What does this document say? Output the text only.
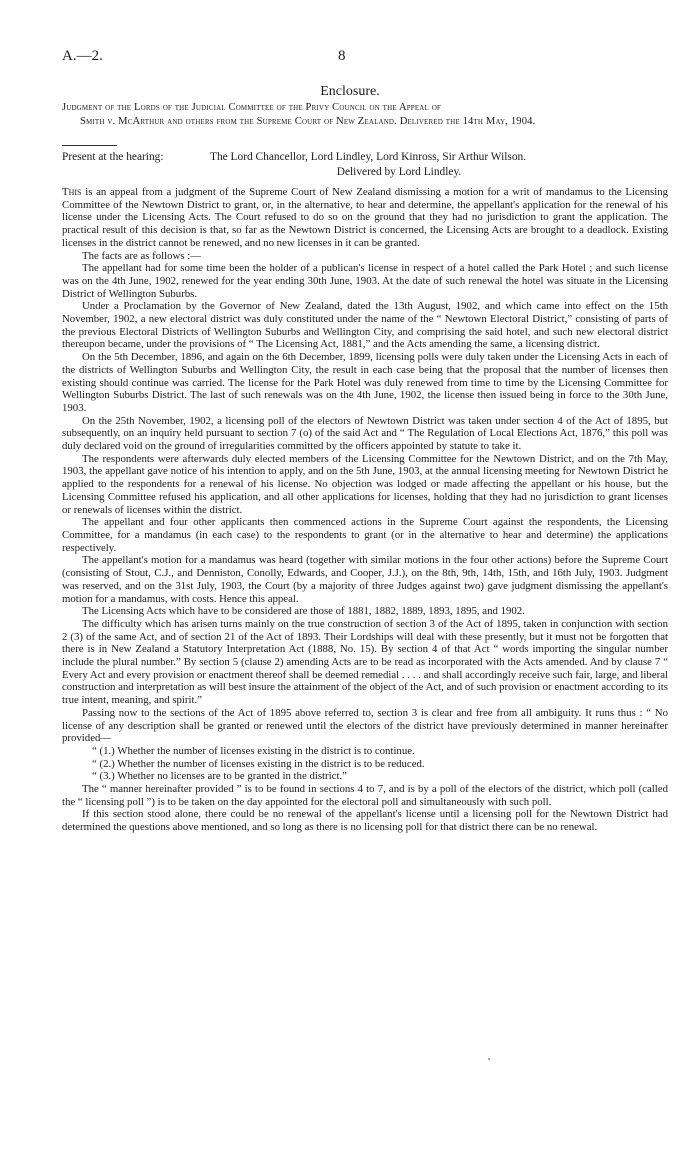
A.—2.	8
Enclosure.
Judgment of the Lords of the Judicial Committee of the Privy Council on the Appeal of
Smith v. McArthur and others from the Supreme Court of New Zealand. Delivered the 14th May, 1904.
Present at the hearing:	The Lord Chancellor, Lord Lindley, Lord Kinross, Sir Arthur Wilson.
Delivered by Lord Lindley.

This is an appeal from a judgment of the Supreme Court of New Zealand dismissing a motion for a writ of mandamus to the Licensing Committee of the Newtown District to grant, or, in the alternative, to hear and determine, the appellant's application for the renewal of his license under the Licensing Acts. The Court refused to do so on the ground that they had no jurisdiction to grant the application. The practical result of this decision is that, so far as the Newtown District is concerned, the Licensing Acts are brought to a deadlock. Existing licenses in the district cannot be renewed, and no new licenses in it can be granted.

The facts are as follows :—

The appellant had for some time been the holder of a publican's license in respect of a hotel called the Park Hotel ; and such license was on the 4th June, 1902, renewed for the year ending 30th June, 1903. At the date of such renewal the hotel was situate in the Licensing District of Wellington Suburbs.

Under a Proclamation by the Governor of New Zealand, dated the 13th August, 1902, and which came into effect on the 15th November, 1902, a new electoral district was duly constituted under the name of the “ Newtown Electoral District,” consisting of parts of the previous Electoral Districts of Wellington Suburbs and Wellington City, and comprising the said hotel, and such new electoral district thereupon became, under the provisions of “ The Licensing Act, 1881,” and the Acts amending the same, a licensing district.

On the 5th December, 1896, and again on the 6th December, 1899, licensing polls were duly taken under the Licensing Acts in each of the districts of Wellington Suburbs and Wellington City, the result in each case being that the proposal that the number of licenses then existing should continue was carried. The license for the Park Hotel was duly renewed from time to time by the Licensing Committee for Wellington Suburbs District. The last of such renewals was on the 4th June, 1902, the license then issued being in force to the 30th June, 1903.

On the 25th November, 1902, a licensing poll of the electors of Newtown District was taken under section 4 of the Act of 1895, but subsequently, on an inquiry held pursuant to section 7 (o) of the said Act and “ The Regulation of Local Elections Act, 1876,” this poll was duly declared void on the ground of irregularities committed by the officers appointed by statute to take it.

The respondents were afterwards duly elected members of the Licensing Committee for the Newtown District, and on the 7th May, 1903, the appellant gave notice of his intention to apply, and on the 5th June, 1903, at the annual licensing meeting for Newtown District he applied to the respondents for a renewal of his license. No objection was lodged or made affecting the appellant or his house, but the Licensing Committee refused his application, and all other applications for licenses, holding that they had no jurisdiction to grant licenses or renewals of licenses within the district.

The appellant and four other applicants then commenced actions in the Supreme Court against the respondents, the Licensing Committee, for a mandamus (in each case) to the respondents to grant (or in the alternative to hear and determine) the applications respectively.

The appellant's motion for a mandamus was heard (together with similar motions in the four other actions) before the Supreme Court (consisting of Stout, C.J., and Denniston, Conolly, Edwards, and Cooper, J.J.), on the 8th, 9th, 14th, 15th, and 16th July, 1903. Judgment was reserved, and on the 31st July, 1903, the Court (by a majority of three Judges against two) gave judgment dismissing the appellant's motion for a mandamus, with costs. Hence this appeal.

The Licensing Acts which have to be considered are those of 1881, 1882, 1889, 1893, 1895, and 1902.

The difficulty which has arisen turns mainly on the true construction of section 3 of the Act of 1895, taken in conjunction with section 2 (3) of the same Act, and of section 21 of the Act of 1893. Their Lordships will deal with these presently, but it must not be forgotten that there is in New Zealand a Statutory Interpretation Act (1888, No. 15). By section 4 of that Act “ words importing the singular number include the plural number.” By section 5 (clause 2) amending Acts are to be read as incorporated with the Acts amended. And by clause 7 “ Every Act and every provision or enactment thereof shall be deemed remedial . . . . and shall accordingly receive such fair, large, and liberal construction and interpretation as will best insure the attainment of the object of the Act, and of such provision or enactment according to its true intent, meaning, and spirit.”

Passing now to the sections of the Act of 1895 above referred to, section 3 is clear and free from all ambiguity. It runs thus : “ No license of any description shall be granted or renewed until the electors of the district have previously determined in manner hereinafter provided—

“ (1.) Whether the number of licenses existing in the district is to continue.

“ (2.) Whether the number of licenses existing in the district is to be reduced.

“ (3.) Whether no licenses are to be granted in the district.”

The “ manner hereinafter provided ” is to be found in sections 4 to 7, and is by a poll of the electors of the district, which poll (called the “ licensing poll ”) is to be taken on the day appointed for the electoral poll and simultaneously with such poll.

If this section stood alone, there could be no renewal of the appellant's license until a licensing poll for the Newtown District had determined the questions above mentioned, and so long as there is no licensing poll for that district there can be no renewal.
